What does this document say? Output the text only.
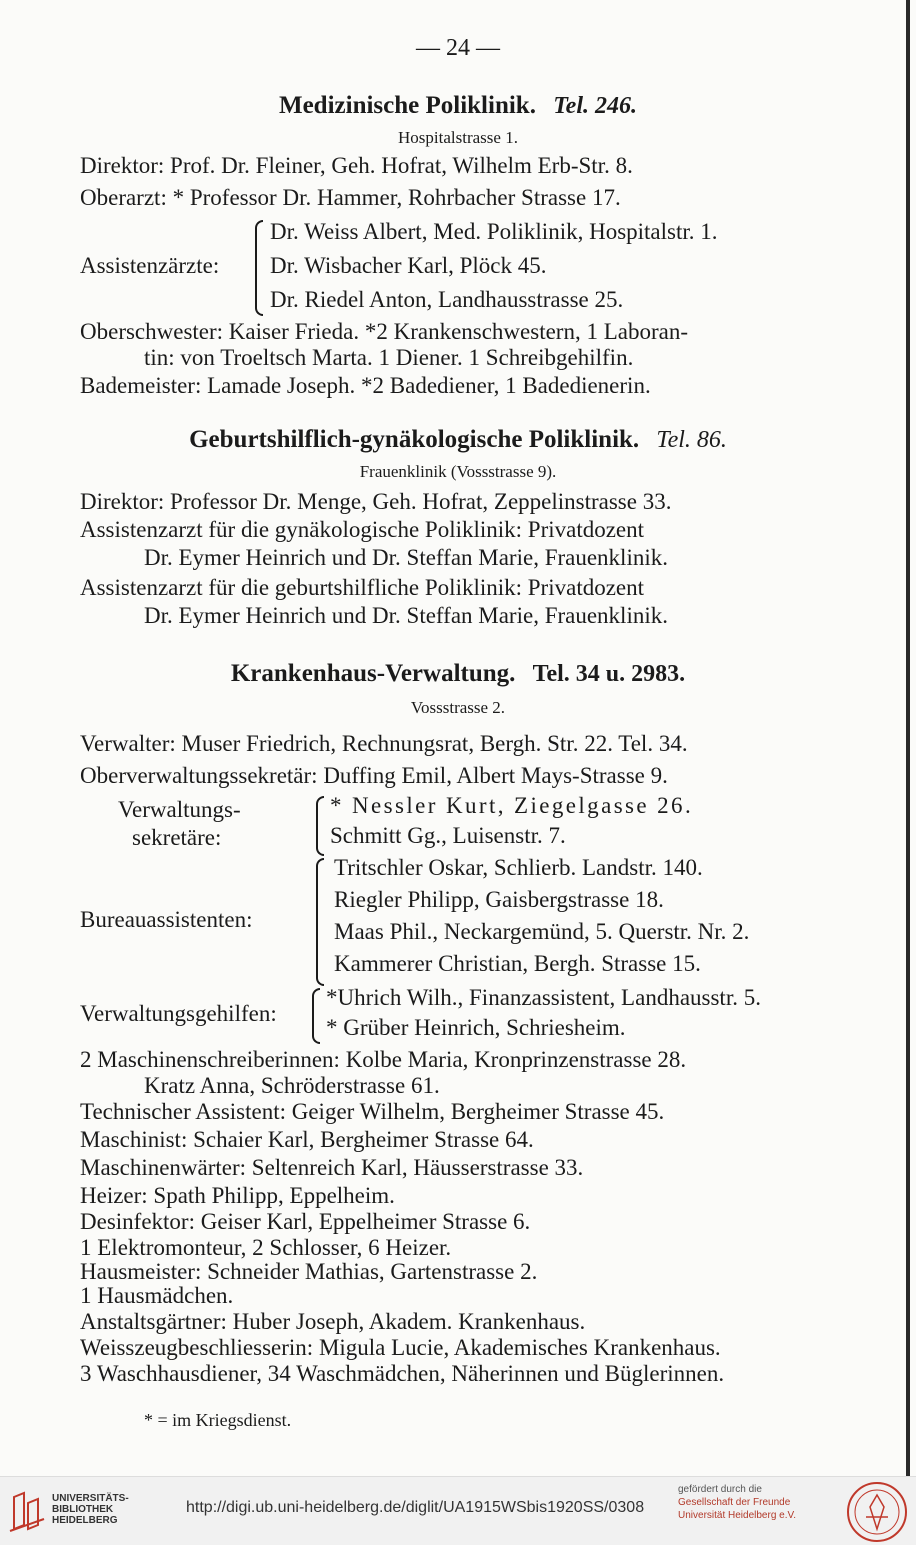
— 24 —
Medizinische Poliklinik. Tel. 246.
Hospitalstrasse 1.
Direktor: Prof. Dr. Fleiner, Geh. Hofrat, Wilhelm Erb-Str. 8.
Oberarzt: * Professor Dr. Hammer, Rohrbacher Strasse 17.
Assistenzärzte:
Dr. Weiss Albert, Med. Poliklinik, Hospitalstr. 1.
Dr. Wisbacher Karl, Plöck 45.
Dr. Riedel Anton, Landhausstrasse 25.
Oberschwester: Kaiser Frieda. *2 Krankenschwestern, 1 Laboran-
tin: von Troeltsch Marta. 1 Diener. 1 Schreibgehilfin.
Bademeister: Lamade Joseph. *2 Badediener, 1 Badedienerin.
Geburtshilflich-gynäkologische Poliklinik. Tel. 86.
Frauenklinik (Vossstrasse 9).
Direktor: Professor Dr. Menge, Geh. Hofrat, Zeppelinstrasse 33.
Assistenzarzt für die gynäkologische Poliklinik: Privatdozent
Dr. Eymer Heinrich und Dr. Steffan Marie, Frauenklinik.
Assistenzarzt für die geburtshilfliche Poliklinik: Privatdozent
Dr. Eymer Heinrich und Dr. Steffan Marie, Frauenklinik.
Krankenhaus-Verwaltung. Tel. 34 u. 2983.
Vossstrasse 2.
Verwalter: Muser Friedrich, Rechnungsrat, Bergh. Str. 22. Tel. 34.
Oberverwaltungssekretär: Duffing Emil, Albert Mays-Strasse 9.
Verwaltungs-
sekretäre:
* Nessler Kurt, Ziegelgasse 26.
Schmitt Gg., Luisenstr. 7.
Bureauassistenten:
Tritschler Oskar, Schlierb. Landstr. 140.
Riegler Philipp, Gaisbergstrasse 18.
Maas Phil., Neckargemünd, 5. Querstr. Nr. 2.
Kammerer Christian, Bergh. Strasse 15.
Verwaltungsgehilfen:
*Uhrich Wilh., Finanzassistent, Landhausstr. 5.
* Grüber Heinrich, Schriesheim.
2 Maschinenschreiberinnen: Kolbe Maria, Kronprinzenstrasse 28.
Kratz Anna, Schröderstrasse 61.
Technischer Assistent: Geiger Wilhelm, Bergheimer Strasse 45.
Maschinist: Schaier Karl, Bergheimer Strasse 64.
Maschinenwärter: Seltenreich Karl, Häusserstrasse 33.
Heizer: Spath Philipp, Eppelheim.
Desinfektor: Geiser Karl, Eppelheimer Strasse 6.
1 Elektromonteur, 2 Schlosser, 6 Heizer.
Hausmeister: Schneider Mathias, Gartenstrasse 2.
1 Hausmädchen.
Anstaltsgärtner: Huber Joseph, Akadem. Krankenhaus.
Weisszeugbeschliesserin: Migula Lucie, Akademisches Krankenhaus.
3 Waschhausdiener, 34 Waschmädchen, Näherinnen und Büglerinnen.
* = im Kriegsdienst.
UNIVERSITÄTS-
BIBLIOTHEK
HEIDELBERG
http://digi.ub.uni-heidelberg.de/diglit/UA1915WSbis1920SS/0308
gefördert durch die
Gesellschaft der Freunde
Universität Heidelberg e.V.
